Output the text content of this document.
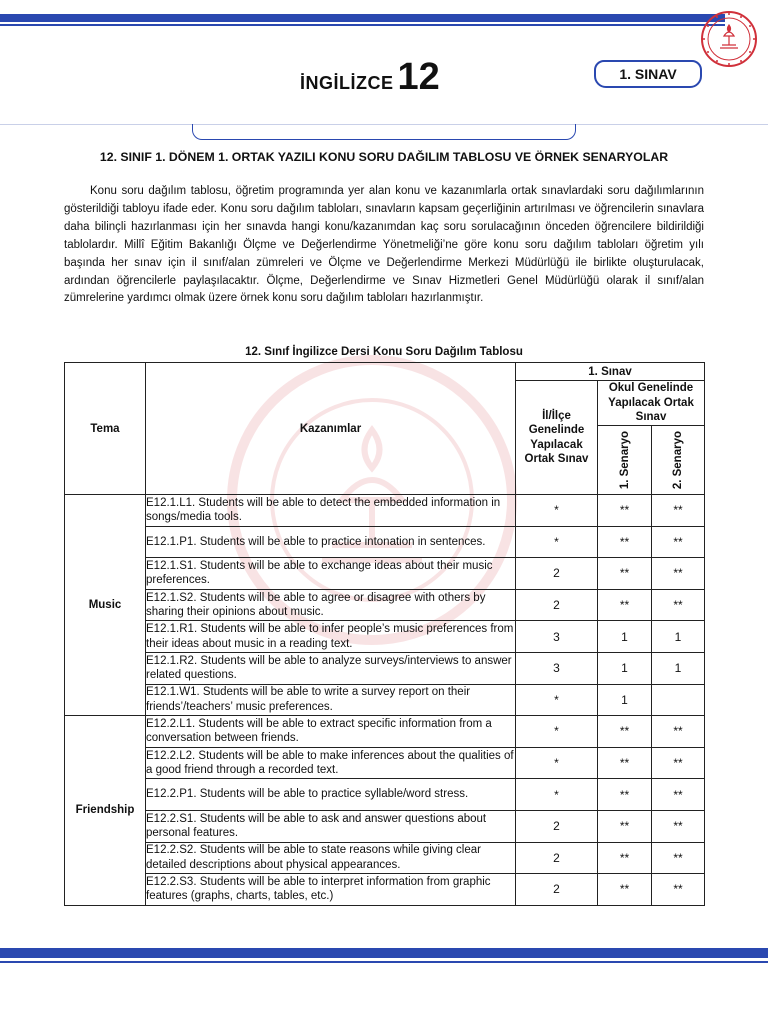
İNGİLİZCE 12	1. SINAV
12. SINIF 1. DÖNEM 1. ORTAK YAZILI KONU SORU DAĞILIM TABLOSU VE ÖRNEK SENARYOLAR

Konu soru dağılım tablosu, öğretim programında yer alan konu ve kazanımlarla ortak sınavlardaki soru dağılımlarının gösterildiği tabloyu ifade eder. Konu soru dağılım tabloları, sınavların kapsam geçerliğinin artırılması ve öğrencilerin sınavlara daha bilinçli hazırlanması için her sınavda hangi konu/kazanımdan kaç soru sorulacağının önceden öğrencilere bildirildiği tablolardır. Millî Eğitim Bakanlığı Ölçme ve Değerlendirme Yönetmeliği’ne göre konu soru dağılım tabloları öğretim yılı başında her sınav için il sınıf/alan zümreleri ve Ölçme ve Değerlendirme Merkezi Müdürlüğü ile birlikte oluşturulacak, ardından öğrencilerle paylaşılacaktır. Ölçme, Değerlendirme ve Sınav Hizmetleri Genel Müdürlüğü olarak il sınıf/alan zümrelerine yardımcı olmak üzere örnek konu soru dağılım tabloları hazırlanmıştır.

12. Sınıf İngilizce Dersi Konu Soru Dağılım Tablosu
Tema	Kazanımlar	1. Sınav		
		İl/İlçe Genelinde Yapılacak Ortak Sınav	Okul Genelinde Yapılacak Ortak Sınav	

			1. Senaryo	2. Senaryo

Music	E12.1.L1. Students will be able to detect the embedded information in songs/media tools.	*	**	**
	E12.1.P1. Students will be able to practice intonation in sentences.	*	**	**
	E12.1.S1. Students will be able to exchange ideas about their music preferences.	2	**	**
	E12.1.S2. Students will be able to agree or disagree with others by sharing their opinions about music.	2	**	**
	E12.1.R1. Students will be able to infer people’s music preferences from their ideas about music in a reading text.	3	1	1
	E12.1.R2. Students will be able to analyze surveys/interviews to answer related questions.	3	1	1
	E12.1.W1. Students will be able to write a survey report on their friends’/teachers’ music preferences.	*	1	
Friendship	E12.2.L1. Students will be able to extract specific information from a conversation between friends.	*	**	**
	E12.2.L2. Students will be able to make inferences about the qualities of a good friend through a recorded text.	*	**	**
	E12.2.P1. Students will be able to practice syllable/word stress.	*	**	**
	E12.2.S1. Students will be able to ask and answer questions about personal features.	2	**	**
	E12.2.S2. Students will be able to state reasons while giving clear detailed descriptions about physical appearances.	2	**	**
	E12.2.S3. Students will be able to interpret information from graphic features (graphs, charts, tables, etc.)	2	**	**
